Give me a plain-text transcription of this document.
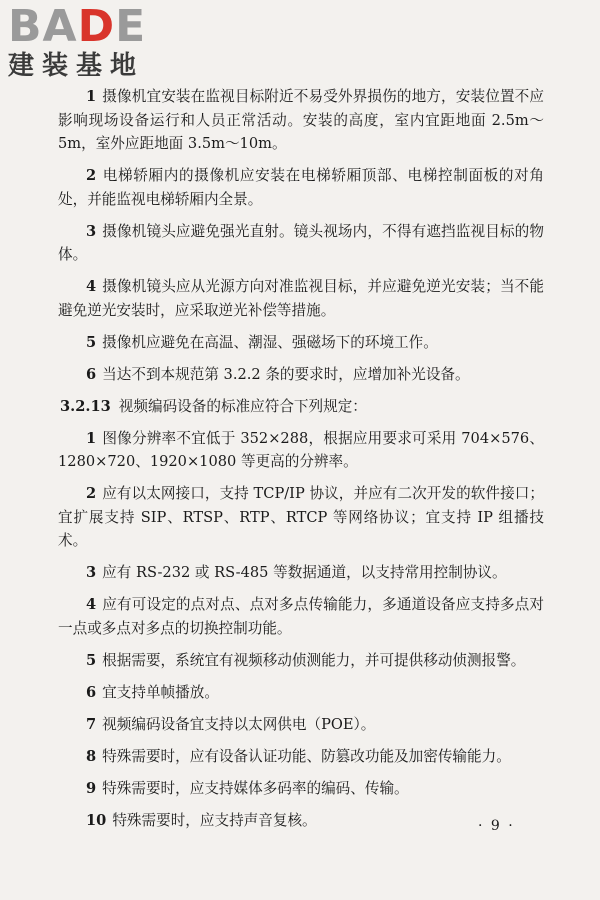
BADE
建装基地

1 摄像机宜安装在监视目标附近不易受外界损伤的地方，安装位置不应影响现场设备运行和人员正常活动。安装的高度，室内宜距地面 2.5m～5m，室外应距地面 3.5m～10m。

2 电梯轿厢内的摄像机应安装在电梯轿厢顶部、电梯控制面板的对角处，并能监视电梯轿厢内全景。

3 摄像机镜头应避免强光直射。镜头视场内，不得有遮挡监视目标的物体。

4 摄像机镜头应从光源方向对准监视目标，并应避免逆光安装；当不能避免逆光安装时，应采取逆光补偿等措施。

5 摄像机应避免在高温、潮湿、强磁场下的环境工作。

6 当达不到本规范第 3.2.2 条的要求时，应增加补光设备。

3.2.13 视频编码设备的标准应符合下列规定：

1 图像分辨率不宜低于 352×288，根据应用要求可采用 704×576、1280×720、1920×1080 等更高的分辨率。

2 应有以太网接口，支持 TCP/IP 协议，并应有二次开发的软件接口；宜扩展支持 SIP、RTSP、RTP、RTCP 等网络协议；宜支持 IP 组播技术。

3 应有 RS-232 或 RS-485 等数据通道，以支持常用控制协议。

4 应有可设定的点对点、点对多点传输能力，多通道设备应支持多点对一点或多点对多点的切换控制功能。

5 根据需要，系统宜有视频移动侦测能力，并可提供移动侦测报警。

6 宜支持单帧播放。

7 视频编码设备宜支持以太网供电（POE）。

8 特殊需要时，应有设备认证功能、防篡改功能及加密传输能力。

9 特殊需要时，应支持媒体多码率的编码、传输。

10 特殊需要时，应支持声音复核。	· 9 ·
